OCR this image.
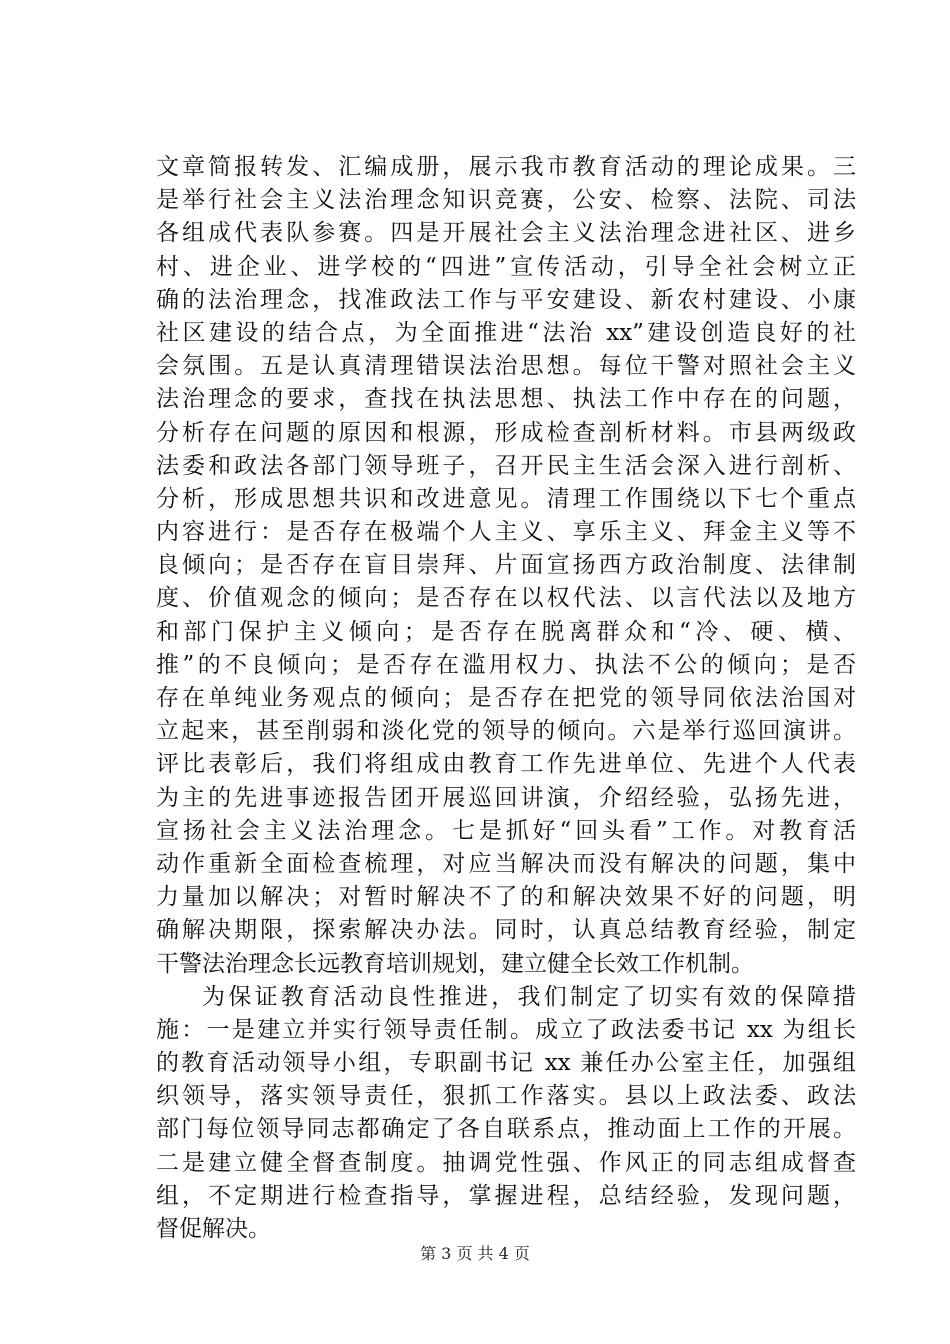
文章简报转发、汇编成册，展示我市教育活动的理论成果。三
是举行社会主义法治理念知识竞赛，公安、检察、法院、司法
各组成代表队参赛。四是开展社会主义法治理念进社区、进乡
村、进企业、进学校的“四进”宣传活动，引导全社会树立正
确的法治理念，找准政法工作与平安建设、新农村建设、小康
社区建设的结合点，为全面推进“法治 xx”建设创造良好的社
会氛围。五是认真清理错误法治思想。每位干警对照社会主义
法治理念的要求，查找在执法思想、执法工作中存在的问题，
分析存在问题的原因和根源，形成检查剖析材料。市县两级政
法委和政法各部门领导班子，召开民主生活会深入进行剖析、
分析，形成思想共识和改进意见。清理工作围绕以下七个重点
内容进行：是否存在极端个人主义、享乐主义、拜金主义等不
良倾向；是否存在盲目崇拜、片面宣扬西方政治制度、法律制
度、价值观念的倾向；是否存在以权代法、以言代法以及地方
和部门保护主义倾向；是否存在脱离群众和“冷、硬、横、
推”的不良倾向；是否存在滥用权力、执法不公的倾向；是否
存在单纯业务观点的倾向；是否存在把党的领导同依法治国对
立起来，甚至削弱和淡化党的领导的倾向。六是举行巡回演讲。
评比表彰后，我们将组成由教育工作先进单位、先进个人代表
为主的先进事迹报告团开展巡回讲演，介绍经验，弘扬先进，
宣扬社会主义法治理念。七是抓好“回头看”工作。对教育活
动作重新全面检查梳理，对应当解决而没有解决的问题，集中
力量加以解决；对暂时解决不了的和解决效果不好的问题，明
确解决期限，探索解决办法。同时，认真总结教育经验，制定
干警法治理念长远教育培训规划，建立健全长效工作机制。
为保证教育活动良性推进，我们制定了切实有效的保障措
施：一是建立并实行领导责任制。成立了政法委书记 xx 为组长
的教育活动领导小组，专职副书记 xx 兼任办公室主任，加强组
织领导，落实领导责任，狠抓工作落实。县以上政法委、政法
部门每位领导同志都确定了各自联系点，推动面上工作的开展。
二是建立健全督查制度。抽调党性强、作风正的同志组成督查
组，不定期进行检查指导，掌握进程，总结经验，发现问题，
督促解决。
第 3 页 共 4 页
